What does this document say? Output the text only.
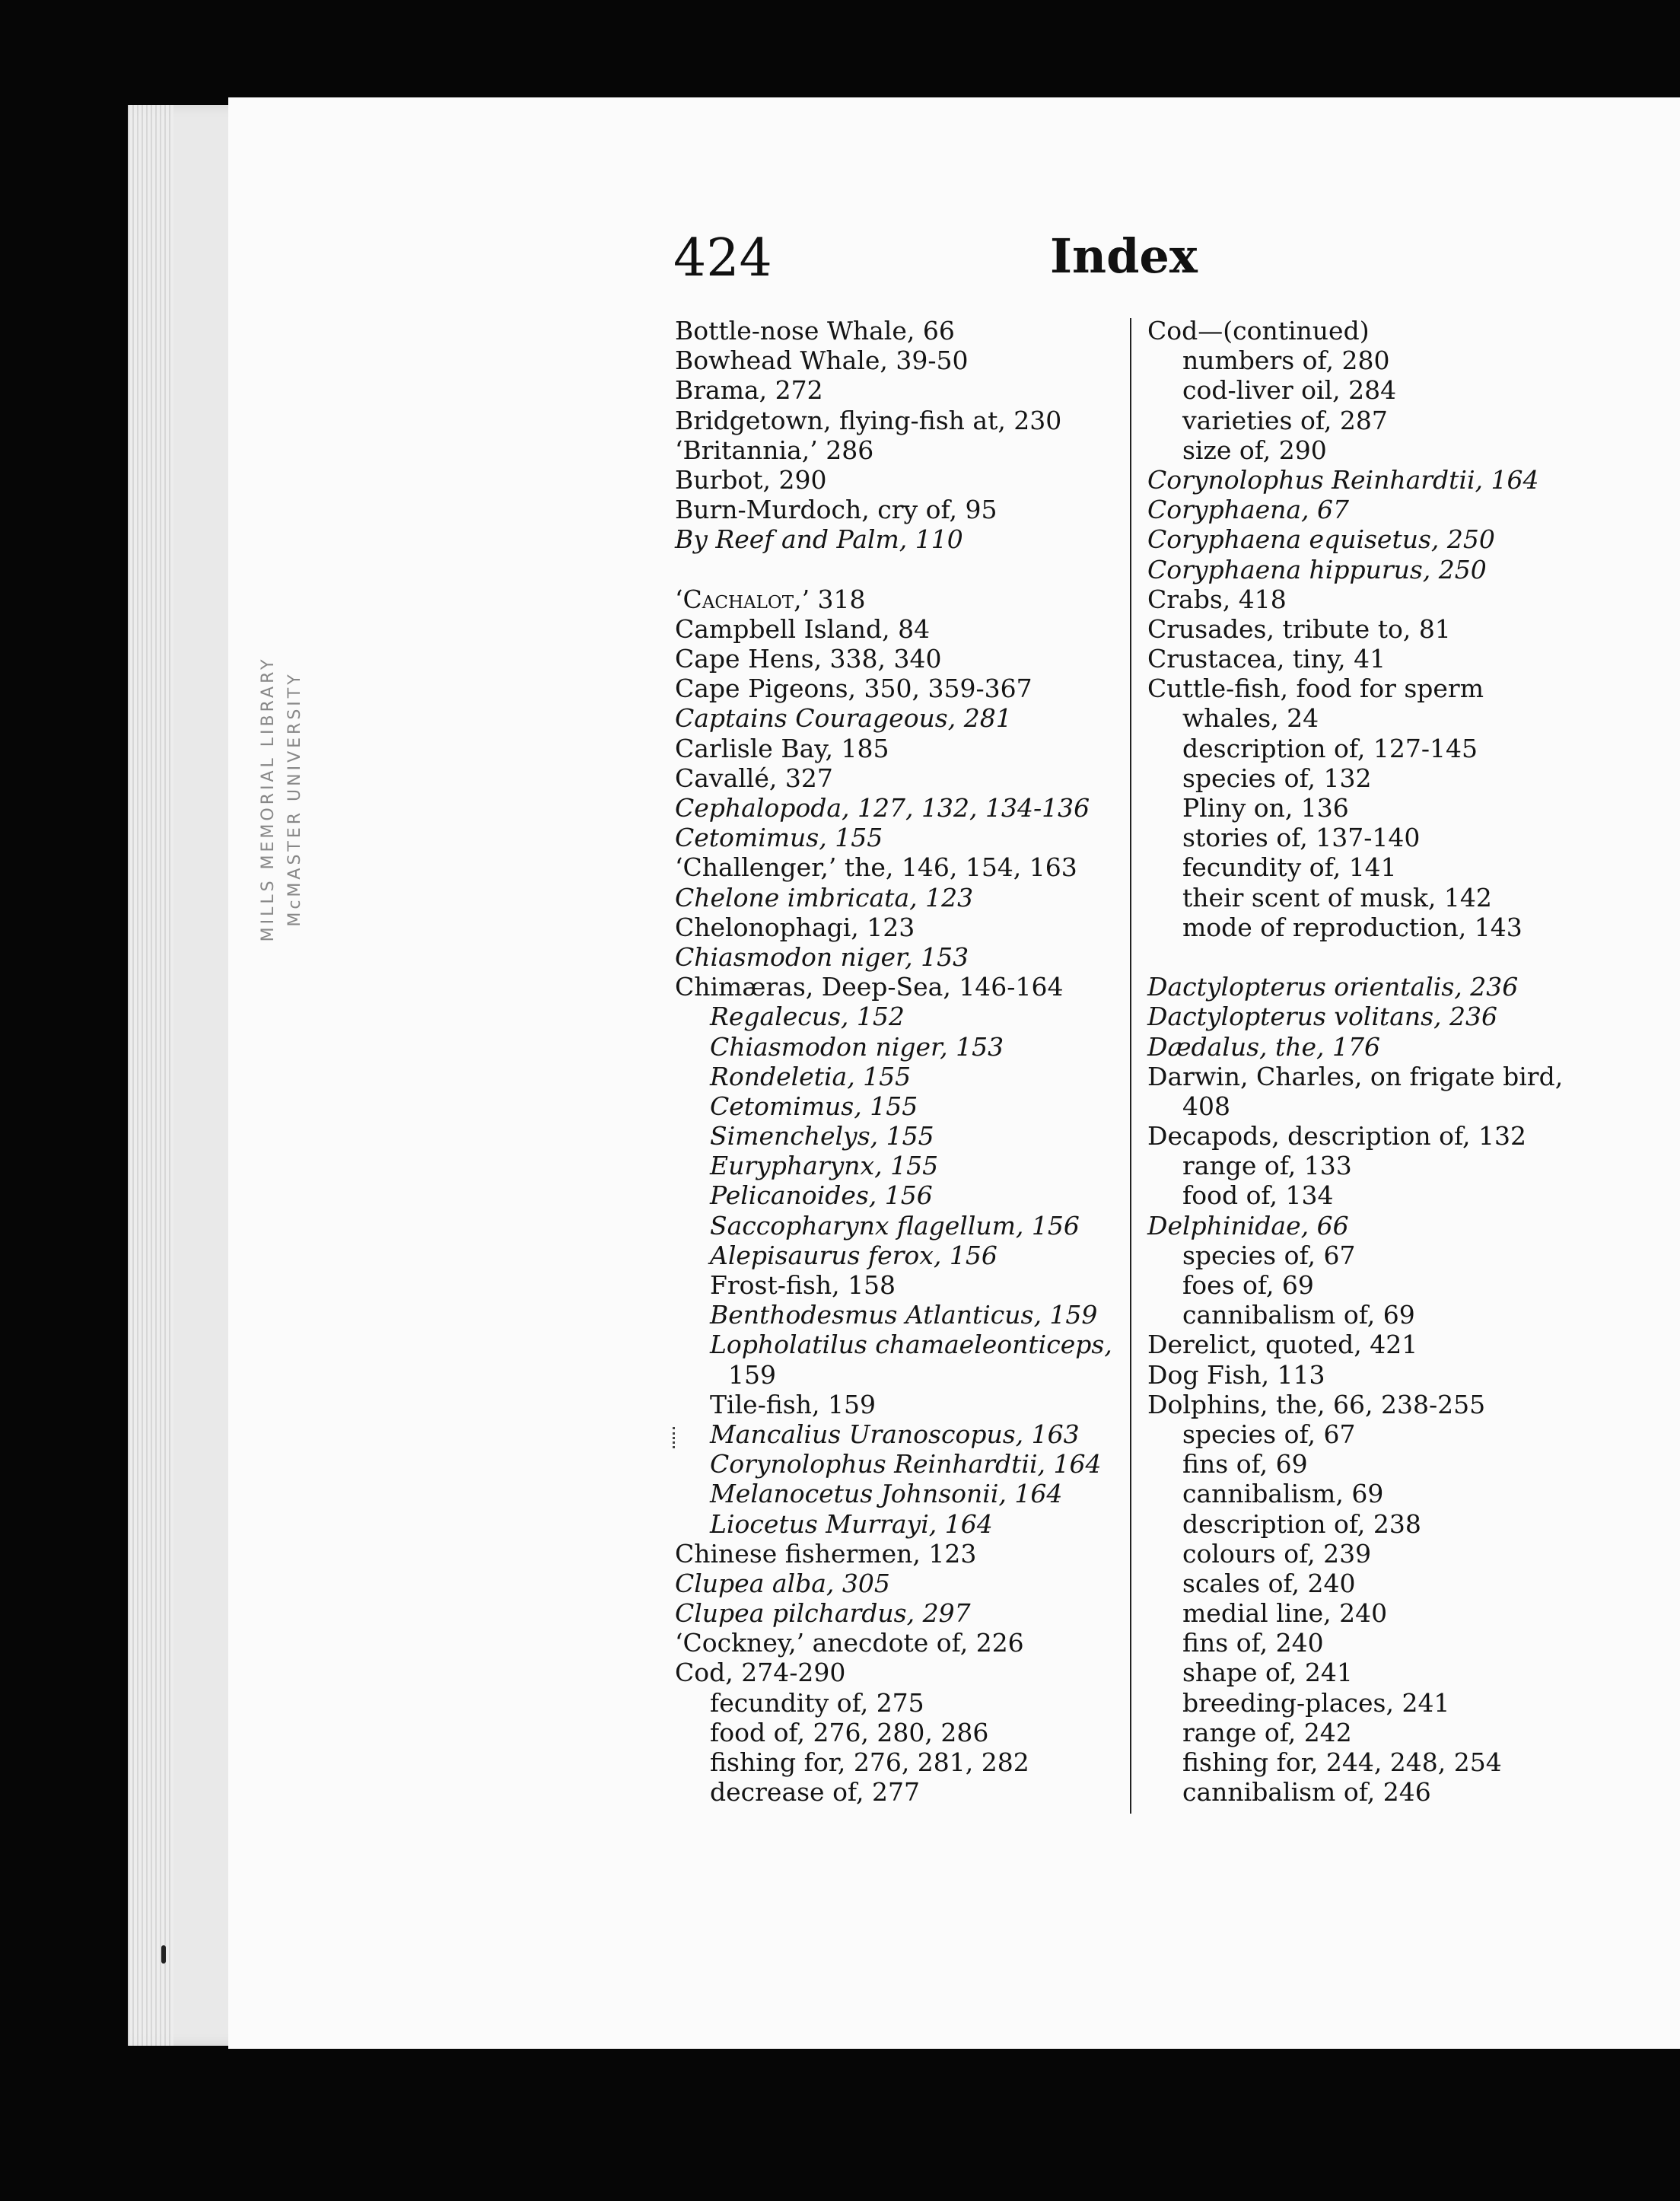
MILLS MEMORIAL LIBRARY McMASTER UNIVERSITY
424	Index
Bottle-nose Whale, 66
Bowhead Whale, 39-50
Brama, 272
Bridgetown, flying-fish at, 230
‘Britannia,’ 286
Burbot, 290
Burn-Murdoch, cry of, 95
By Reef and Palm, 110
‘Cachalot,’ 318
Campbell Island, 84
Cape Hens, 338, 340
Cape Pigeons, 350, 359-367
Captains Courageous, 281
Carlisle Bay, 185
Cavallé, 327
Cephalopoda, 127, 132, 134-136
Cetomimus, 155
‘Challenger,’ the, 146, 154, 163
Chelone imbricata, 123
Chelonophagi, 123
Chiasmodon niger, 153
Chimæras, Deep-Sea, 146-164
Regalecus, 152
Chiasmodon niger, 153
Rondeletia, 155
Cetomimus, 155
Simenchelys, 155
Eurypharynx, 155
Pelicanoides, 156
Saccopharynx flagellum, 156
Alepisaurus ferox, 156
Frost-fish, 158
Benthodesmus Atlanticus, 159
Lopholatilus chamaeleonticeps,
159
Tile-fish, 159
Mancalius Uranoscopus, 163
Corynolophus Reinhardtii, 164
Melanocetus Johnsonii, 164
Liocetus Murrayi, 164
Chinese fishermen, 123
Clupea alba, 305
Clupea pilchardus, 297
‘Cockney,’ anecdote of, 226
Cod, 274-290
fecundity of, 275
food of, 276, 280, 286
fishing for, 276, 281, 282
decrease of, 277
Cod—(continued)
numbers of, 280
cod-liver oil, 284
varieties of, 287
size of, 290
Corynolophus Reinhardtii, 164
Coryphaena, 67
Coryphaena equisetus, 250
Coryphaena hippurus, 250
Crabs, 418
Crusades, tribute to, 81
Crustacea, tiny, 41
Cuttle-fish, food for sperm
whales, 24
description of, 127-145
species of, 132
Pliny on, 136
stories of, 137-140
fecundity of, 141
their scent of musk, 142
mode of reproduction, 143
Dactylopterus orientalis, 236
Dactylopterus volitans, 236
Dædalus, the, 176
Darwin, Charles, on frigate bird,
408
Decapods, description of, 132
range of, 133
food of, 134
Delphinidae, 66
species of, 67
foes of, 69
cannibalism of, 69
Derelict, quoted, 421
Dog Fish, 113
Dolphins, the, 66, 238-255
species of, 67
fins of, 69
cannibalism, 69
description of, 238
colours of, 239
scales of, 240
medial line, 240
fins of, 240
shape of, 241
breeding-places, 241
range of, 242
fishing for, 244, 248, 254
cannibalism of, 246
